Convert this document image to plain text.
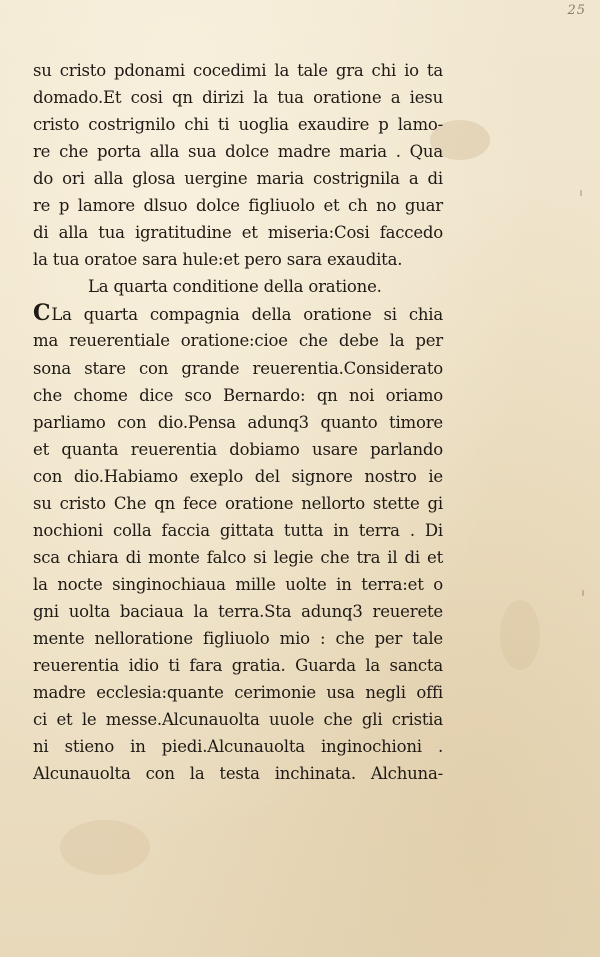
25
su cristo pdonami cocedimi la tale gra chi io ta
domado.Et cosi qn dirizi la tua oratione a iesu
cristo costrignilo chi ti uoglia exaudire p lamo-
re che porta alla sua dolce madre maria . Qua
do ori alla glosa uergine maria costrignila a di
re p lamore dlsuo dolce figliuolo et ch no guar
di alla tua igratitudine et miseria:Cosi faccedo
la tua oratoe sara hule:et pero sara exaudita.
La quarta conditione della oratione.
ⅭLa quarta compagnia della oratione si chia
ma reuerentiale oratione:cioe che debe la per
sona stare con grande reuerentia.Considerato
che chome dice sco Bernardo: qn noi oriamo
parliamo con dio.Pensa adunq3 quanto timore
et quanta reuerentia dobiamo usare parlando
con dio.Habiamo exeplo del signore nostro ie
su cristo Che qn fece oratione nellorto stette gi
nochioni colla faccia gittata tutta in terra . Di
sca chiara di monte falco si legie che tra il di et
la nocte singinochiaua mille uolte in terra:et o
gni uolta baciaua la terra.Sta adunq3 reuerete
mente nelloratione figliuolo mio : che per tale
reuerentia idio ti fara gratia. Guarda la sancta
madre ecclesia:quante cerimonie usa negli offi
ci et le messe.Alcunauolta uuole che gli cristia
ni stieno in piedi.Alcunauolta inginochioni .
Alcunauolta con la testa inchinata. Alchuna-
